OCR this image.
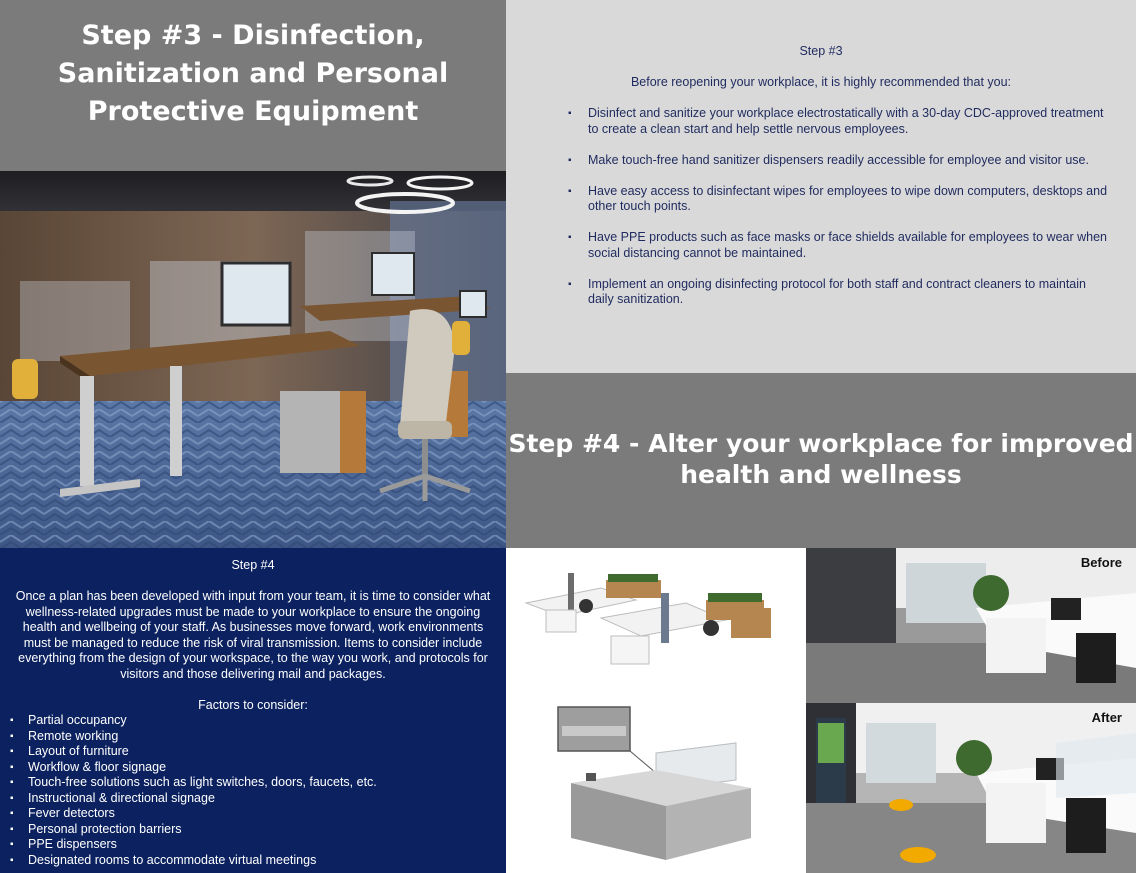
Step #3 - Disinfection, Sanitization and Personal Protective Equipment
Step #3
Before reopening your workplace, it is highly recommended that you:
▪ Disinfect and sanitize your workplace electrostatically with a 30-day CDC-approved treatment to create a clean start and help settle nervous employees.
▪ Make touch-free hand sanitizer dispensers readily accessible for employee and visitor use.
▪ Have easy access to disinfectant wipes for employees to wipe down computers, desktops and other touch points.
▪ Have PPE products such as face masks or face shields available for employees to wear when social distancing cannot be maintained.
▪ Implement an ongoing disinfecting protocol for both staff and contract cleaners to maintain daily sanitization.
Step #4 - Alter your workplace for improved health and wellness
Step #4
Once a plan has been developed with input from your team, it is time to consider what wellness-related upgrades must be made to your workplace to ensure the ongoing health and wellbeing of your staff. As businesses move forward, work environments must be managed to reduce the risk of viral transmission. Items to consider include everything from the design of your workspace, to the way you work, and protocols for visitors and those delivering mail and packages.
Factors to consider:
▪ Partial occupancy
▪ Remote working
▪ Layout of furniture
▪ Workflow & floor signage
▪ Touch-free solutions such as light switches, doors, faucets, etc.
▪ Instructional & directional signage
▪ Fever detectors
▪ Personal protection barriers
▪ PPE dispensers
▪ Designated rooms to accommodate virtual meetings
Before
After
